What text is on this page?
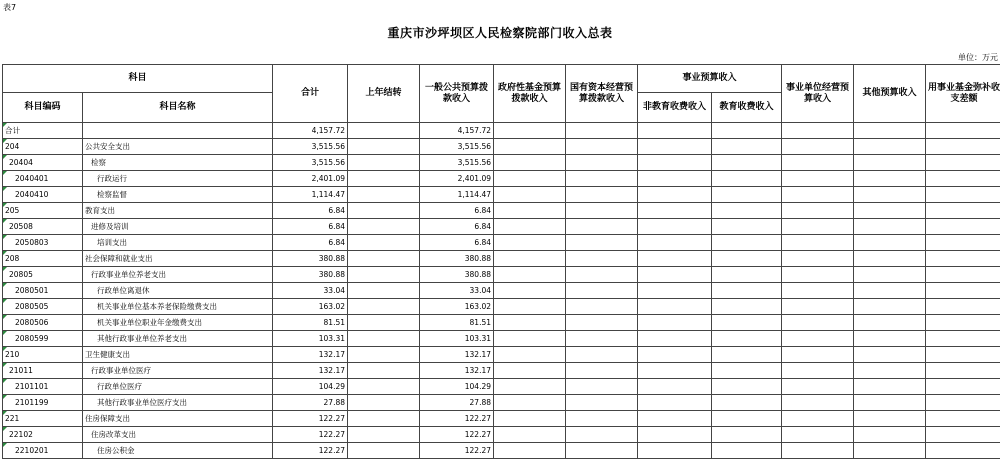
表7
重庆市沙坪坝区人民检察院部门收入总表
单位：万元
科目		合计	上年结转	一般公共预算拨款收入	政府性基金预算拨款收入	国有资本经营预算拨款收入	事业预算收入		事业单位经营预算收入	其他预算收入	用事业基金弥补收支差额
科目编码	科目名称						非教育收费收入	教育收费收入			
合计		4,157.72		4,157.72							
204	公共安全支出	3,515.56		3,515.56							
20404	检察	3,515.56		3,515.56							
2040401	行政运行	2,401.09		2,401.09							
2040410	检察监督	1,114.47		1,114.47							
205	教育支出	6.84		6.84							
20508	进修及培训	6.84		6.84							
2050803	培训支出	6.84		6.84							
208	社会保障和就业支出	380.88		380.88							
20805	行政事业单位养老支出	380.88		380.88							
2080501	行政单位离退休	33.04		33.04							
2080505	机关事业单位基本养老保险缴费支出	163.02		163.02							
2080506	机关事业单位职业年金缴费支出	81.51		81.51							
2080599	其他行政事业单位养老支出	103.31		103.31							
210	卫生健康支出	132.17		132.17							
21011	行政事业单位医疗	132.17		132.17							
2101101	行政单位医疗	104.29		104.29							
2101199	其他行政事业单位医疗支出	27.88		27.88							
221	住房保障支出	122.27		122.27							
22102	住房改革支出	122.27		122.27							
2210201	住房公积金	122.27		122.27							
